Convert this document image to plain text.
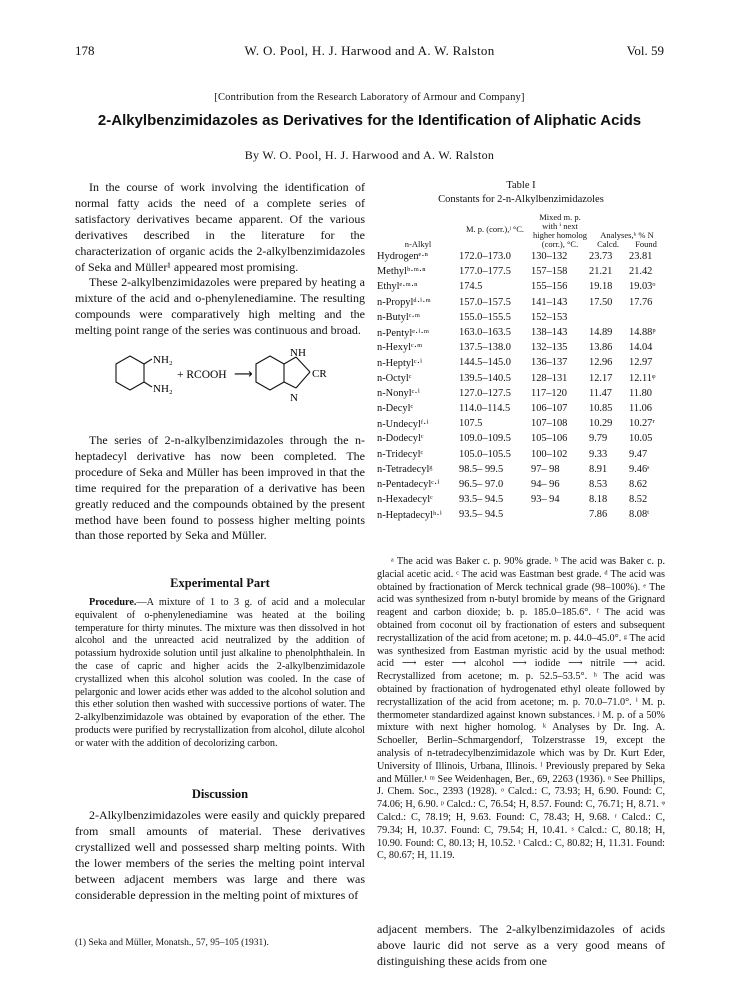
178	W. O. Pool, H. J. Harwood and A. W. Ralston	Vol. 59
[Contribution from the Research Laboratory of Armour and Company]
2-Alkylbenzimidazoles as Derivatives for the Identification of Aliphatic Acids
By W. O. Pool, H. J. Harwood and A. W. Ralston

In the course of work involving the identification of normal fatty acids the need of a complete series of satisfactory derivatives became apparent. Of the various derivatives described in the literature for the characterization of organic acids the 2-alkylbenzimidazoles of Seka and Müller¹ appeared most promising.

These 2-alkylbenzimidazoles were prepared by heating a mixture of the acid and o-phenylenediamine. The resulting compounds were comparatively high melting and the melting point range of the series was continuous and broad.

NH₂
NH₂
+ RCOOH ⟶
NH
CR
N

The series of 2-n-alkylbenzimidazoles through the n-heptadecyl derivative has now been completed. The procedure of Seka and Müller has been improved in that the time required for the preparation of a derivative has been greatly reduced and the compounds obtained by the present method have been found to possess higher melting points than those reported by Seka and Müller.

Experimental Part

Procedure.—A mixture of 1 to 3 g. of acid and a molecular equivalent of o-phenylenediamine was heated at the boiling temperature for thirty minutes. The mixture was then dissolved in hot alcohol and the unreacted acid neutralized by the addition of potassium hydroxide solution until just alkaline to phenolphthalein. In the case of capric and higher acids the 2-alkylbenzimidazole crystallized when this alcohol solution was cooled. In the case of pelargonic and lower acids ether was added to the alcohol solution and this ether solution then washed with successive portions of water. The 2-alkylbenzimidazole was obtained by evaporation of the ether. The products were purified by recrystallization from alcohol, dilute alcohol or water with the addition of decolorizing carbon.

Discussion

2-Alkylbenzimidazoles were easily and quickly prepared from small amounts of material. These derivatives crystallized well and possessed sharp melting points. With the lower members of the series the melting point interval between adjacent members was large and there was considerable depression in the melting point of mixtures of

(1) Seka and Müller, Monatsh., 57, 95–105 (1931).
Table I
Constants for 2-n-Alkylbenzimidazoles
n-Alkyl	M. p. (corr.),ʲ °C.	Mixed m. p. with ⁱ next higher homolog (corr.), °C.	Analyses,ᵏ % N
Calcd. Found	

Hydrogenᵉ·ⁿ	172.0–173.0	130–132	23.73	23.81
Methylᵇ·ᵐ·ⁿ	177.0–177.5	157–158	21.21	21.42
Ethylᵉ·ᵐ·ⁿ	174.5	155–156	19.18	19.03ᵒ
n-Propylᵈ·ⁱ·ᵐ	157.0–157.5	141–143	17.50	17.76
n-Butylᶜ·ᵐ	155.0–155.5	152–153		
n-Pentylᵉ·ⁱ·ᵐ	163.0–163.5	138–143	14.89	14.88ᵖ
n-Hexylᶜ·ᵐ	137.5–138.0	132–135	13.86	14.04
n-Heptylᶜ·ⁱ	144.5–145.0	136–137	12.96	12.97
n-Octylᶜ	139.5–140.5	128–131	12.17	12.11ᵠ
n-Nonylᶜ·ⁱ	127.0–127.5	117–120	11.47	11.80
n-Decylᶜ	114.0–114.5	106–107	10.85	11.06
n-Undecylᶠ·ⁱ	107.5	107–108	10.29	10.27ʳ
n-Dodecylᶜ	109.0–109.5	105–106	9.79	10.05
n-Tridecylᶜ	105.0–105.5	100–102	9.33	9.47
n-Tetradecylᵍ	98.5– 99.5	97– 98	8.91	9.46ˢ
n-Pentadecylᶜ·ⁱ	96.5– 97.0	94– 96	8.53	8.62
n-Hexadecylᶜ	93.5– 94.5	93– 94	8.18	8.52
n-Heptadecylʰ·ⁱ	93.5– 94.5		7.86	8.08ᵗ

ᵃ The acid was Baker c. p. 90% grade. ᵇ The acid was Baker c. p. glacial acetic acid. ᶜ The acid was Eastman best grade. ᵈ The acid was obtained by fractionation of Merck technical grade (98–100%). ᵉ The acid was synthesized from n-butyl bromide by means of the Grignard reagent and carbon dioxide; b. p. 185.0–185.6°. ᶠ The acid was obtained from coconut oil by fractionation of esters and subsequent recrystallization of the acid from acetone; m. p. 44.0–45.0°. ᵍ The acid was synthesized from Eastman myristic acid by the usual method: acid ⟶ ester ⟶ alcohol ⟶ iodide ⟶ nitrile ⟶ acid. Recrystallized from acetone; m. p. 52.5–53.5°. ʰ The acid was obtained by fractionation of hydrogenated ethyl oleate followed by recrystallization of the acid from acetone; m. p. 70.0–71.0°. ⁱ M. p. thermometer standardized against known substances. ʲ M. p. of a 50% mixture with next higher homolog. ᵏ Analyses by Dr. Ing. A. Schoeller, Berlin–Schmargendorf, Tolzerstrasse 19, except the analysis of n-tetradecylbenzimidazole which was by Dr. Kurt Eder, University of Illinois, Urbana, Illinois. ˡ Previously prepared by Seka and Müller.¹ ᵐ See Weidenhagen, Ber., 69, 2263 (1936). ⁿ See Phillips, J. Chem. Soc., 2393 (1928). ᵒ Calcd.: C, 73.93; H, 6.90. Found: C, 74.06; H, 6.90. ᵖ Calcd.: C, 76.54; H, 8.57. Found: C, 76.71; H, 8.71. ᵠ Calcd.: C, 78.19; H, 9.63. Found: C, 78.43; H, 9.68. ʳ Calcd.: C, 79.34; H, 10.37. Found: C, 79.54; H, 10.41. ˢ Calcd.: C, 80.18; H, 10.90. Found: C, 80.13; H, 10.52. ᵗ Calcd.: C, 80.82; H, 11.31. Found: C, 80.67; H, 11.19.

adjacent members. The 2-alkylbenzimidazoles of acids above lauric did not serve as a very good means of distinguishing these acids from one
